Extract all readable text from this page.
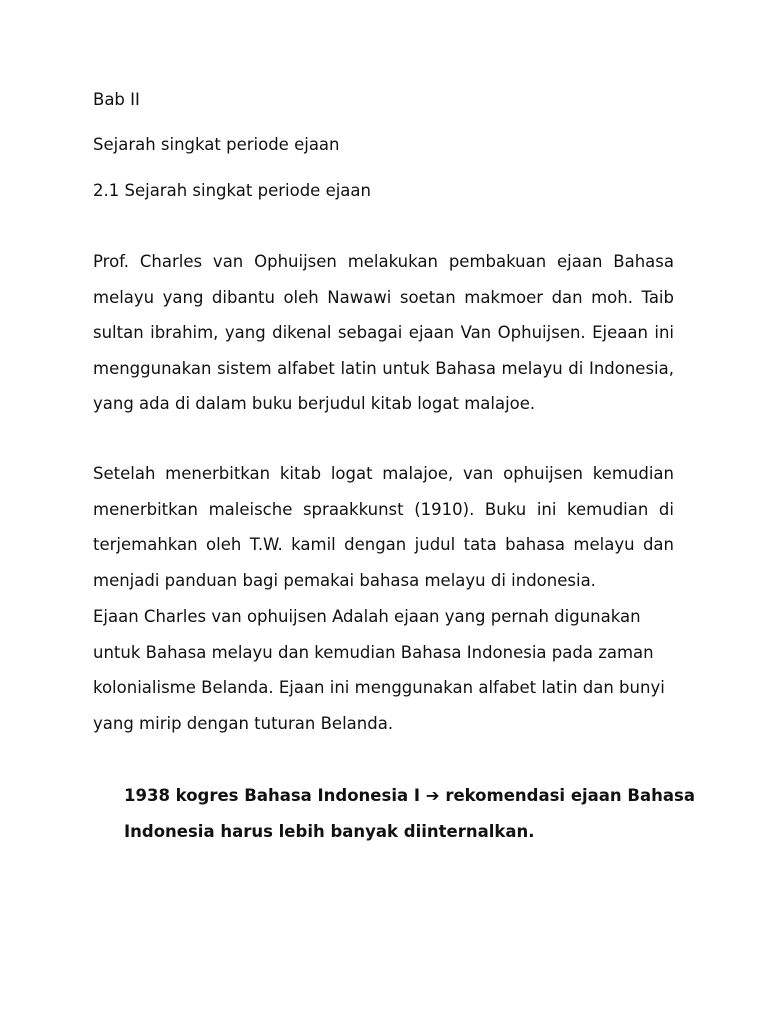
Bab II
Sejarah singkat periode ejaan
2.1 Sejarah singkat periode ejaan
Prof. Charles van Ophuijsen melakukan pembakuan ejaan Bahasa
melayu yang dibantu oleh Nawawi soetan makmoer dan moh. Taib
sultan ibrahim, yang dikenal sebagai ejaan Van Ophuijsen. Ejeaan ini
menggunakan sistem alfabet latin untuk Bahasa melayu di Indonesia,
yang ada di dalam buku berjudul kitab logat malajoe.
Setelah menerbitkan kitab logat malajoe, van ophuijsen kemudian
menerbitkan maleische spraakkunst (1910). Buku ini kemudian di
terjemahkan oleh T.W. kamil dengan judul tata bahasa melayu dan
menjadi panduan bagi pemakai bahasa melayu di indonesia.
Ejaan Charles van ophuijsen Adalah ejaan yang pernah digunakan
untuk Bahasa melayu dan kemudian Bahasa Indonesia pada zaman
kolonialisme Belanda. Ejaan ini menggunakan alfabet latin dan bunyi
yang mirip dengan tuturan Belanda.
1938 kogres Bahasa Indonesia I ➔ rekomendasi ejaan Bahasa
Indonesia harus lebih banyak diinternalkan.
